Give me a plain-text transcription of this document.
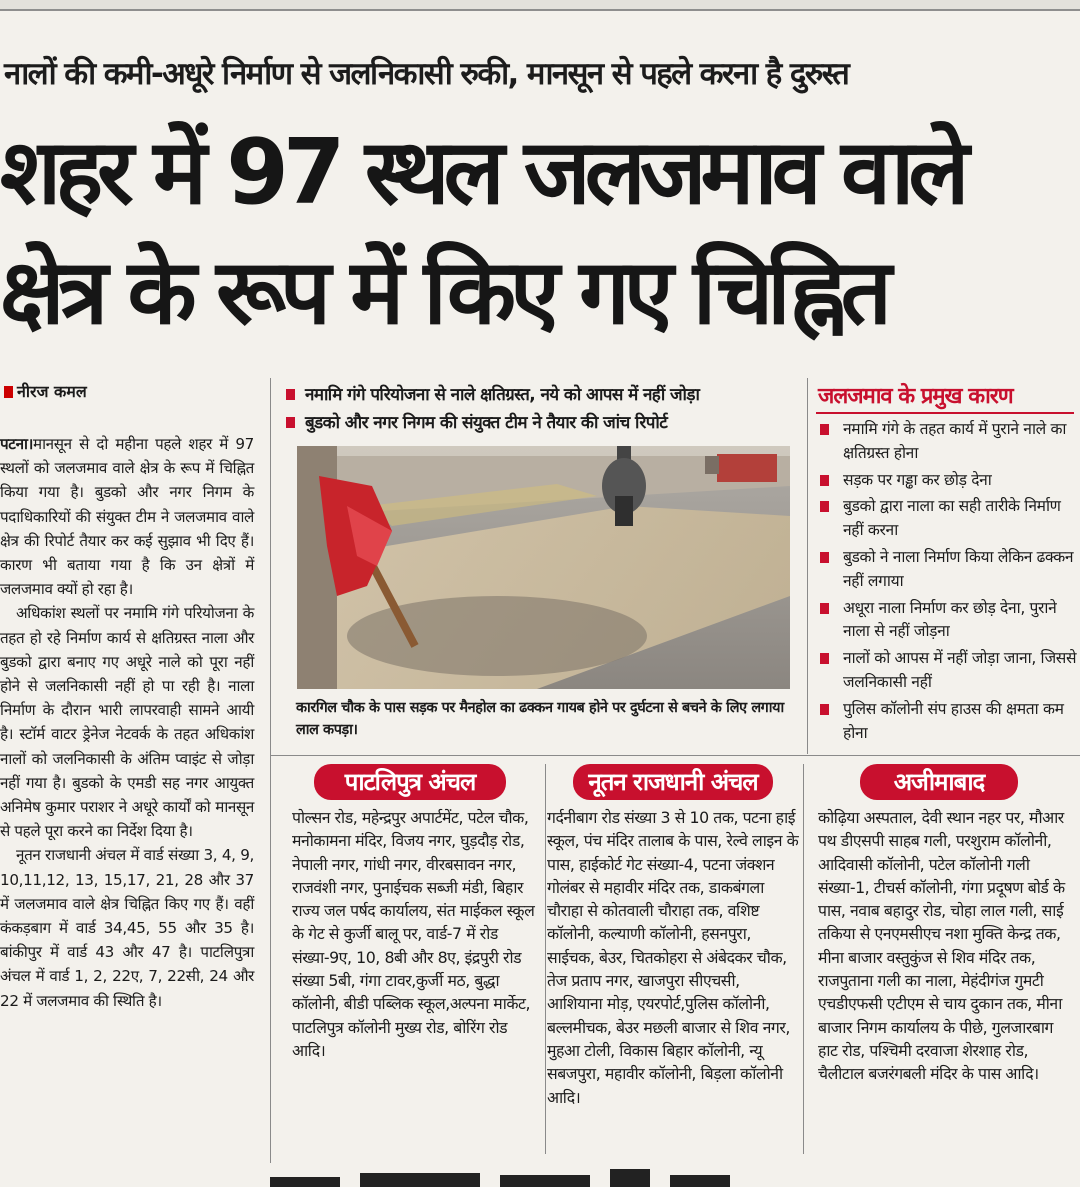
नालों की कमी-अधूरे निर्माण से जलनिकासी रुकी, मानसून से पहले करना है दुरुस्त
शहर में 97 स्थल जलजमाव वाले
क्षेत्र के रूप में किए गए चिह्नित
नीरज कमल

पटना।मानसून से दो महीना पहले शहर में 97 स्थलों को जलजमाव वाले क्षेत्र के रूप में चिह्नित किया गया है। बुडको और नगर निगम के पदाधिकारियों की संयुक्त टीम ने जलजमाव वाले क्षेत्र की रिपोर्ट तैयार कर कई सुझाव भी दिए हैं। कारण भी बताया गया है कि उन क्षेत्रों में जलजमाव क्यों हो रहा है।

अधिकांश स्थलों पर नमामि गंगे परियोजना के तहत हो रहे निर्माण कार्य से क्षतिग्रस्त नाला और बुडको द्वारा बनाए गए अधूरे नाले को पूरा नहीं होने से जलनिकासी नहीं हो पा रही है। नाला निर्माण के दौरान भारी लापरवाही सामने आयी है। स्टॉर्म वाटर ड्रेनेज नेटवर्क के तहत अधिकांश नालों को जलनिकासी के अंतिम प्वाइंट से जोड़ा नहीं गया है। बुडको के एमडी सह नगर आयुक्त अनिमेष कुमार पराशर ने अधूरे कार्यों को मानसून से पहले पूरा करने का निर्देश दिया है।

नूतन राजधानी अंचल में वार्ड संख्या 3, 4, 9, 10,11,12, 13, 15,17, 21, 28 और 37 में जलजमाव वाले क्षेत्र चिह्नित किए गए हैं। वहीं कंकड़बाग में वार्ड 34,45, 55 और 35 है। बांकीपुर में वार्ड 43 और 47 है। पाटलिपुत्रा अंचल में वार्ड 1, 2, 22ए, 7, 22सी, 24 और 22 में जलजमाव की स्थिति है।

नमामि गंगे परियोजना से नाले क्षतिग्रस्त, नये को आपस में नहीं जोड़ा
बुडको और नगर निगम की संयुक्त टीम ने तैयार की जांच रिपोर्ट
कारगिल चौक के पास सड़क पर मैनहोल का ढक्कन गायब होने पर दुर्घटना से बचने के लिए लगाया लाल कपड़ा।
जलजमाव के प्रमुख कारण
नमामि गंगे के तहत कार्य में पुराने नाले का क्षतिग्रस्त होना
सड़क पर गड्ढा कर छोड़ देना
बुडको द्वारा नाला का सही तारीके निर्माण नहीं करना
बुडको ने नाला निर्माण किया लेकिन ढक्कन नहीं लगाया
अधूरा नाला निर्माण कर छोड़ देना, पुराने नाला से नहीं जोड़ना
नालों को आपस में नहीं जोड़ा जाना, जिससे जलनिकासी नहीं
पुलिस कॉलोनी संप हाउस की क्षमता कम होना
पाटलिपुत्र अंचल	नूतन राजधानी अंचल	अजीमाबाद
पोल्सन रोड, महेन्द्रपुर अपार्टमेंट, पटेल चौक, मनोकामना मंदिर, विजय नगर, घुड़दौड़ रोड, नेपाली नगर, गांधी नगर, वीरबसावन नगर, राजवंशी नगर, पुनाईचक सब्जी मंडी, बिहार राज्य जल पर्षद कार्यालय, संत माईकल स्कूल के गेट से कुर्जी बालू पर, वार्ड-7 में रोड संख्या-9ए, 10, 8बी और 8ए, इंद्रपुरी रोड संख्या 5बी, गंगा टावर,कुर्जी मठ, बुद्धा कॉलोनी, बीडी पब्लिक स्कूल,अल्पना मार्केट, पाटलिपुत्र कॉलोनी मुख्य रोड, बोरिंग रोड आदि।
गर्दनीबाग रोड संख्या 3 से 10 तक, पटना हाई स्कूल, पंच मंदिर तालाब के पास, रेल्वे लाइन के पास, हाईकोर्ट गेट संख्या-4, पटना जंक्शन गोलंबर से महावीर मंदिर तक, डाकबंगला चौराहा से कोतवाली चौराहा तक, वशिष्ट कॉलोनी, कल्याणी कॉलोनी, हसनपुरा, साईचक, बेउर, चितकोहरा से अंबेदकर चौक, तेज प्रताप नगर, खाजपुरा सीएचसी, आशियाना मोड़, एयरपोर्ट,पुलिस कॉलोनी, बल्लमीचक, बेउर मछली बाजार से शिव नगर, मुहआ टोली, विकास बिहार कॉलोनी, न्यू सबजपुरा, महावीर कॉलोनी, बिड़ला कॉलोनी आदि।
कोढ़िया अस्पताल, देवी स्थान नहर पर, मौआर पथ डीएसपी साहब गली, परशुराम कॉलोनी, आदिवासी कॉलोनी, पटेल कॉलोनी गली संख्या-1, टीचर्स कॉलोनी, गंगा प्रदूषण बोर्ड के पास, नवाब बहादुर रोड, चोहा लाल गली, साई तकिया से एनएमसीएच नशा मुक्ति केन्द्र तक, मीना बाजार वस्तुकुंज से शिव मंदिर तक, राजपुताना गली का नाला, मेहंदीगंज गुमटी एचडीएफसी एटीएम से चाय दुकान तक, मीना बाजार निगम कार्यालय के पीछे, गुलजारबाग हाट रोड, पश्चिमी दरवाजा शेरशाह रोड, चैलीटाल बजरंगबली मंदिर के पास आदि।
